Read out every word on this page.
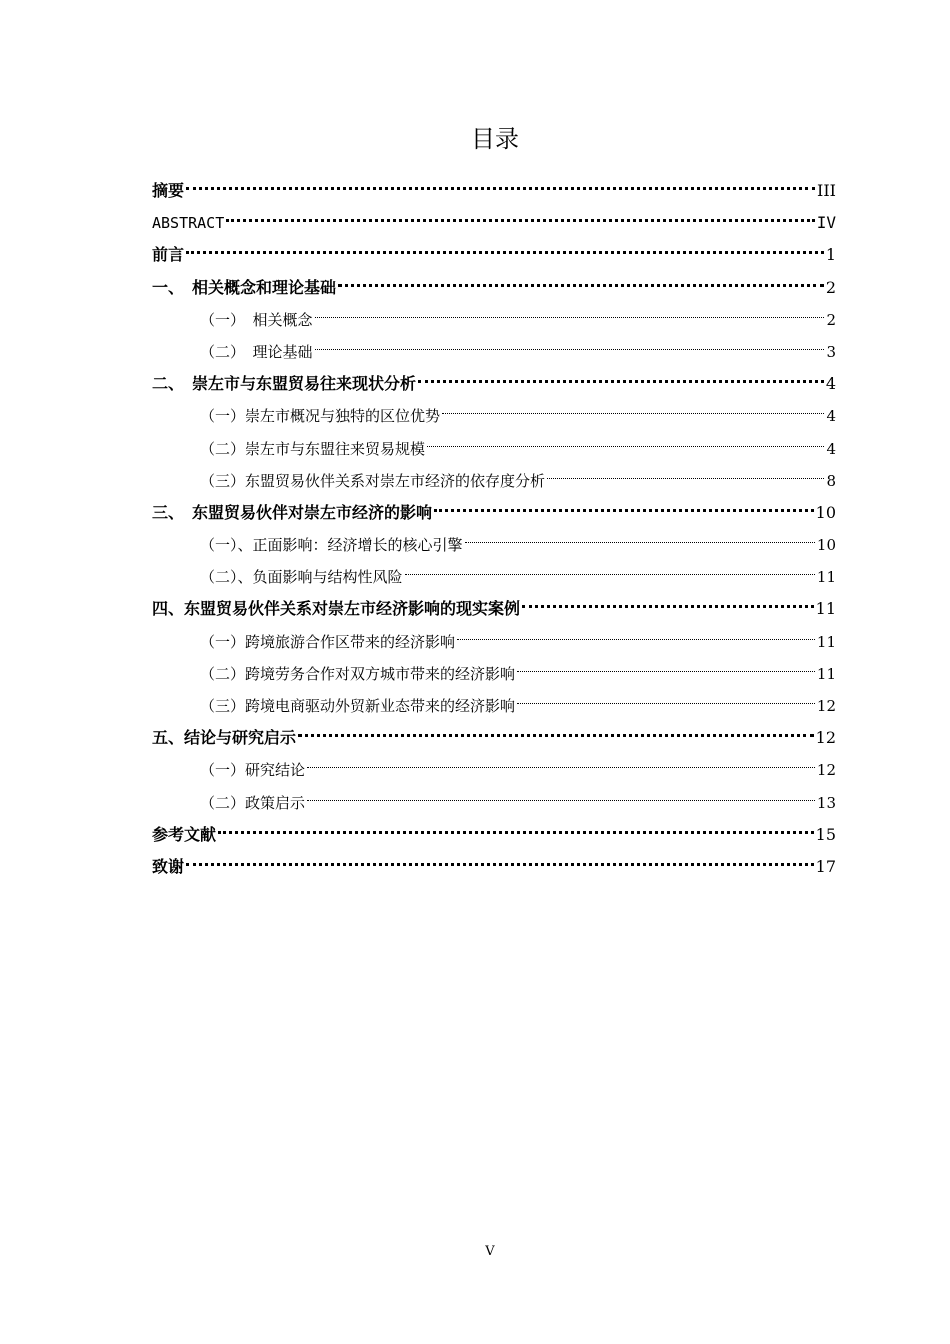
目录
摘要	III
ABSTRACT	IV
前言	1
一、　相关概念和理论基础	2
（一）　相关概念	2
（二）　理论基础	3
二、　崇左市与东盟贸易往来现状分析	4
（一）崇左市概况与独特的区位优势	4
（二）崇左市与东盟往来贸易规模	4
（三）东盟贸易伙伴关系对崇左市经济的依存度分析	8
三、　东盟贸易伙伴对崇左市经济的影响	10
（一）、正面影响：经济增长的核心引擎	10
（二）、负面影响与结构性风险	11
四、东盟贸易伙伴关系对崇左市经济影响的现实案例	11
（一）跨境旅游合作区带来的经济影响	11
（二）跨境劳务合作对双方城市带来的经济影响	11
（三）跨境电商驱动外贸新业态带来的经济影响	12
五、结论与研究启示	12
（一）研究结论	12
（二）政策启示	13
参考文献	15
致谢	17
V
